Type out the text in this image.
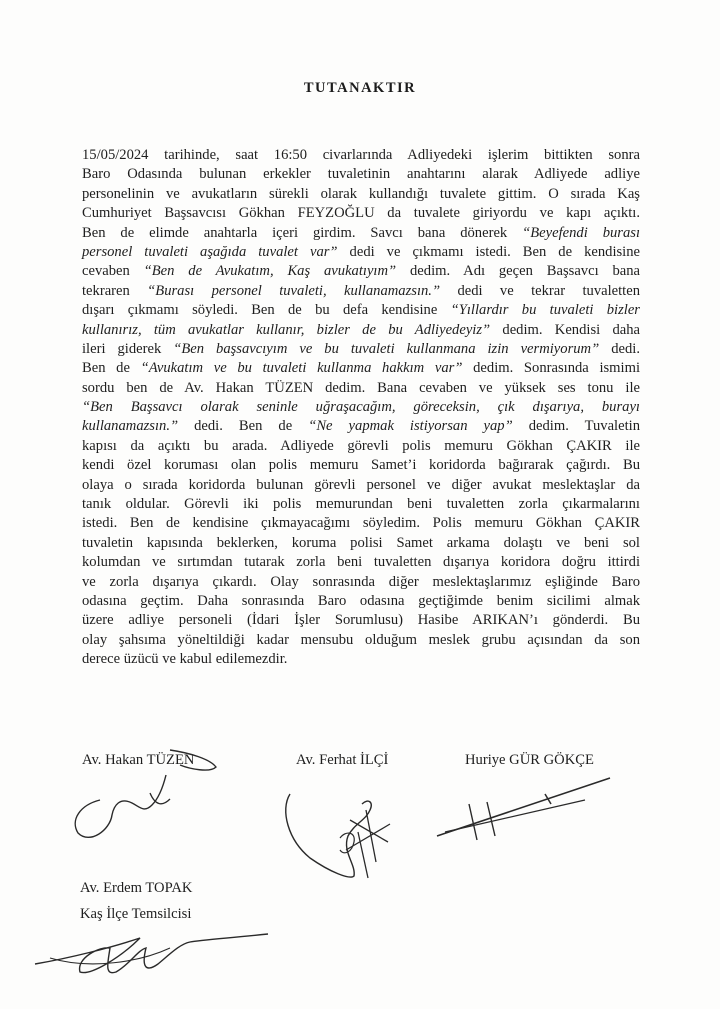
TUTANAKTIR
15/05/2024 tarihinde, saat 16:50 civarlarında Adliyedeki işlerim bittikten sonra
Baro Odasında bulunan erkekler tuvaletinin anahtarını alarak Adliyede adliye
personelinin ve avukatların sürekli olarak kullandığı tuvalete gittim. O sırada Kaş
Cumhuriyet Başsavcısı Gökhan FEYZOĞLU da tuvalete giriyordu ve kapı açıktı.
Ben de elimde anahtarla içeri girdim. Savcı bana dönerek “Beyefendi burası
personel tuvaleti aşağıda tuvalet var” dedi ve çıkmamı istedi. Ben de kendisine
cevaben “Ben de Avukatım, Kaş avukatıyım” dedim. Adı geçen Başsavcı bana
tekraren “Burası personel tuvaleti, kullanamazsın.” dedi ve tekrar tuvaletten
dışarı çıkmamı söyledi. Ben de bu defa kendisine “Yıllardır bu tuvaleti bizler
kullanırız, tüm avukatlar kullanır, bizler de bu Adliyedeyiz” dedim. Kendisi daha
ileri giderek “Ben başsavcıyım ve bu tuvaleti kullanmana izin vermiyorum” dedi.
Ben de “Avukatım ve bu tuvaleti kullanma hakkım var” dedim. Sonrasında ismimi
sordu ben de Av. Hakan TÜZEN dedim. Bana cevaben ve yüksek ses tonu ile
“Ben Başsavcı olarak seninle uğraşacağım, göreceksin, çık dışarıya, burayı
kullanamazsın.” dedi. Ben de “Ne yapmak istiyorsan yap” dedim. Tuvaletin
kapısı da açıktı bu arada. Adliyede görevli polis memuru Gökhan ÇAKIR ile
kendi özel koruması olan polis memuru Samet’i koridorda bağırarak çağırdı. Bu
olaya o sırada koridorda bulunan görevli personel ve diğer avukat meslektaşlar da
tanık oldular. Görevli iki polis memurundan beni tuvaletten zorla çıkarmalarını
istedi. Ben de kendisine çıkmayacağımı söyledim. Polis memuru Gökhan ÇAKIR
tuvaletin kapısında beklerken, koruma polisi Samet arkama dolaştı ve beni sol
kolumdan ve sırtımdan tutarak zorla beni tuvaletten dışarıya koridora doğru ittirdi
ve zorla dışarıya çıkardı. Olay sonrasında diğer meslektaşlarımız eşliğinde Baro
odasına geçtim. Daha sonrasında Baro odasına geçtiğimde benim sicilimi almak
üzere adliye personeli (İdari İşler Sorumlusu) Hasibe ARIKAN’ı gönderdi. Bu
olay şahsıma yöneltildiği kadar mensubu olduğum meslek grubu açısından da son
derece üzücü ve kabul edilemezdir.
Av. Hakan TÜZEN	Av. Ferhat İLÇİ	Huriye GÜR GÖKÇE
Av. Erdem TOPAK
Kaş İlçe Temsilcisi
